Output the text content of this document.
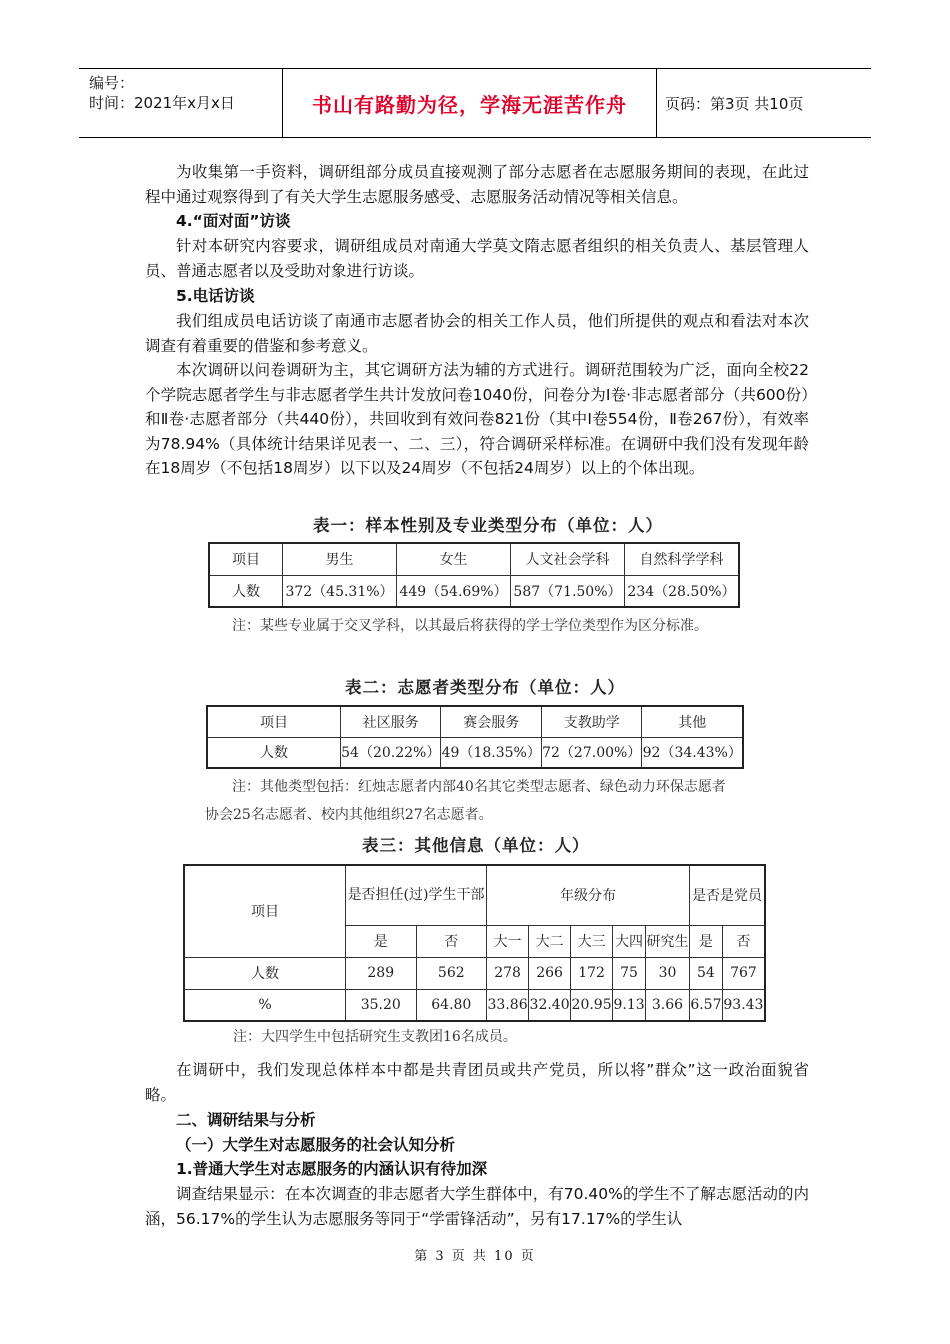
编号：
时间：2021年x月x日	书山有路勤为径，学海无涯苦作舟	页码：第3页 共10页
为收集第一手资料，调研组部分成员直接观测了部分志愿者在志愿服务期间的表现，在此过程中通过观察得到了有关大学生志愿服务感受、志愿服务活动情况等相关信息。
4.“面对面”访谈
针对本研究内容要求，调研组成员对南通大学莫文隋志愿者组织的相关负责人、基层管理人员、普通志愿者以及受助对象进行访谈。
5.电话访谈
我们组成员电话访谈了南通市志愿者协会的相关工作人员，他们所提供的观点和看法对本次调查有着重要的借鉴和参考意义。
本次调研以问卷调研为主，其它调研方法为辅的方式进行。调研范围较为广泛，面向全校22个学院志愿者学生与非志愿者学生共计发放问卷1040份，问卷分为Ⅰ卷·非志愿者部分（共600份）和Ⅱ卷·志愿者部分（共440份），共回收到有效问卷821份（其中Ⅰ卷554份，Ⅱ卷267份），有效率为78.94%（具体统计结果详见表一、二、三），符合调研采样标准。在调研中我们没有发现年龄在18周岁（不包括18周岁）以下以及24周岁（不包括24周岁）以上的个体出现。
表一：样本性别及专业类型分布（单位：人）
项目	男生	女生	人文社会学科	自然科学学科
人数	372（45.31%）	449（54.69%）	587（71.50%）	234（28.50%）
注：某些专业属于交叉学科，以其最后将获得的学士学位类型作为区分标准。
表二：志愿者类型分布（单位：人）
项目	社区服务	赛会服务	支教助学	其他
人数	54（20.22%）	49（18.35%）	72（27.00%）	92（34.43%）
注：其他类型包括：红烛志愿者内部40名其它类型志愿者、绿色动力环保志愿者
协会25名志愿者、校内其他组织27名志愿者。
表三：其他信息（单位：人）
项目	是否担任(过)学生干部		年级分布					是否是党员	
	是	否	大一	大二	大三	大四	研究生	是	否
人数	289	562	278	266	172	75	30	54	767
%	35.20	64.80	33.86	32.40	20.95	9.13	3.66	6.57	93.43
注：大四学生中包括研究生支教团16名成员。
在调研中，我们发现总体样本中都是共青团员或共产党员，所以将”群众”这一政治面貌省略。
二、调研结果与分析
（一）大学生对志愿服务的社会认知分析
1.普通大学生对志愿服务的内涵认识有待加深
调查结果显示：在本次调查的非志愿者大学生群体中，有70.40%的学生不了解志愿活动的内涵，56.17%的学生认为志愿服务等同于“学雷锋活动”，另有17.17%的学生认
第 3 页 共 10 页
